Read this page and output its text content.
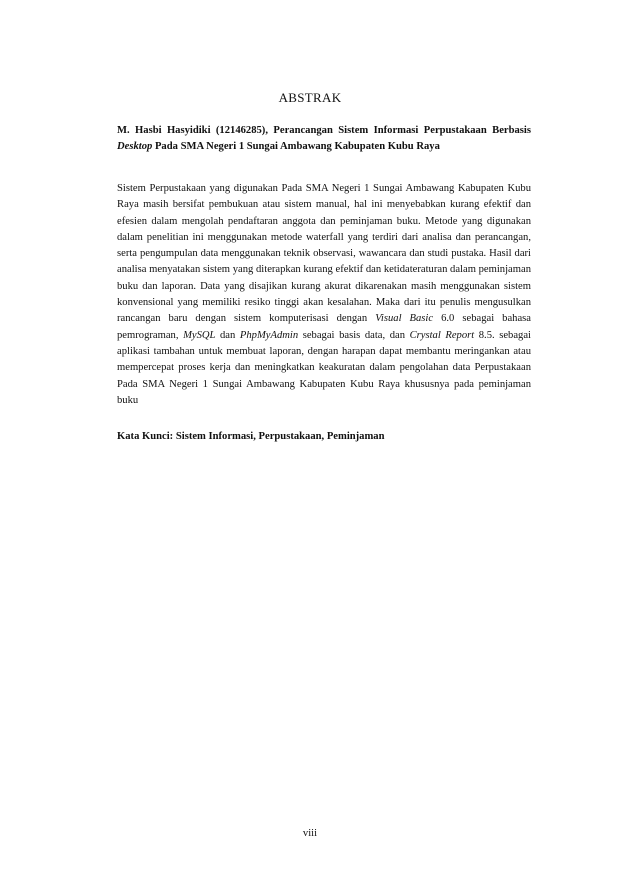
ABSTRAK
M. Hasbi Hasyidiki (12146285), Perancangan Sistem Informasi Perpustakaan Berbasis Desktop Pada SMA Negeri 1 Sungai Ambawang Kabupaten Kubu Raya
Sistem Perpustakaan yang digunakan Pada SMA Negeri 1 Sungai Ambawang Kabupaten Kubu Raya masih bersifat pembukuan atau sistem manual, hal ini menyebabkan kurang efektif dan efesien dalam mengolah pendaftaran anggota dan peminjaman buku. Metode yang digunakan dalam penelitian ini menggunakan metode waterfall yang terdiri dari analisa dan perancangan, serta pengumpulan data menggunakan teknik observasi, wawancara dan studi pustaka. Hasil dari analisa menyatakan sistem yang diterapkan kurang efektif dan ketidateraturan dalam peminjaman buku dan laporan. Data yang disajikan kurang akurat dikarenakan masih menggunakan sistem konvensional yang memiliki resiko tinggi akan kesalahan. Maka dari itu penulis mengusulkan rancangan baru dengan sistem komputerisasi dengan Visual Basic 6.0 sebagai bahasa pemrograman, MySQL dan PhpMyAdmin sebagai basis data, dan Crystal Report 8.5. sebagai aplikasi tambahan untuk membuat laporan, dengan harapan dapat membantu meringankan atau mempercepat proses kerja dan meningkatkan keakuratan dalam pengolahan data Perpustakaan Pada SMA Negeri 1 Sungai Ambawang Kabupaten Kubu Raya khususnya pada peminjaman buku
Kata Kunci: Sistem Informasi, Perpustakaan, Peminjaman
viii
